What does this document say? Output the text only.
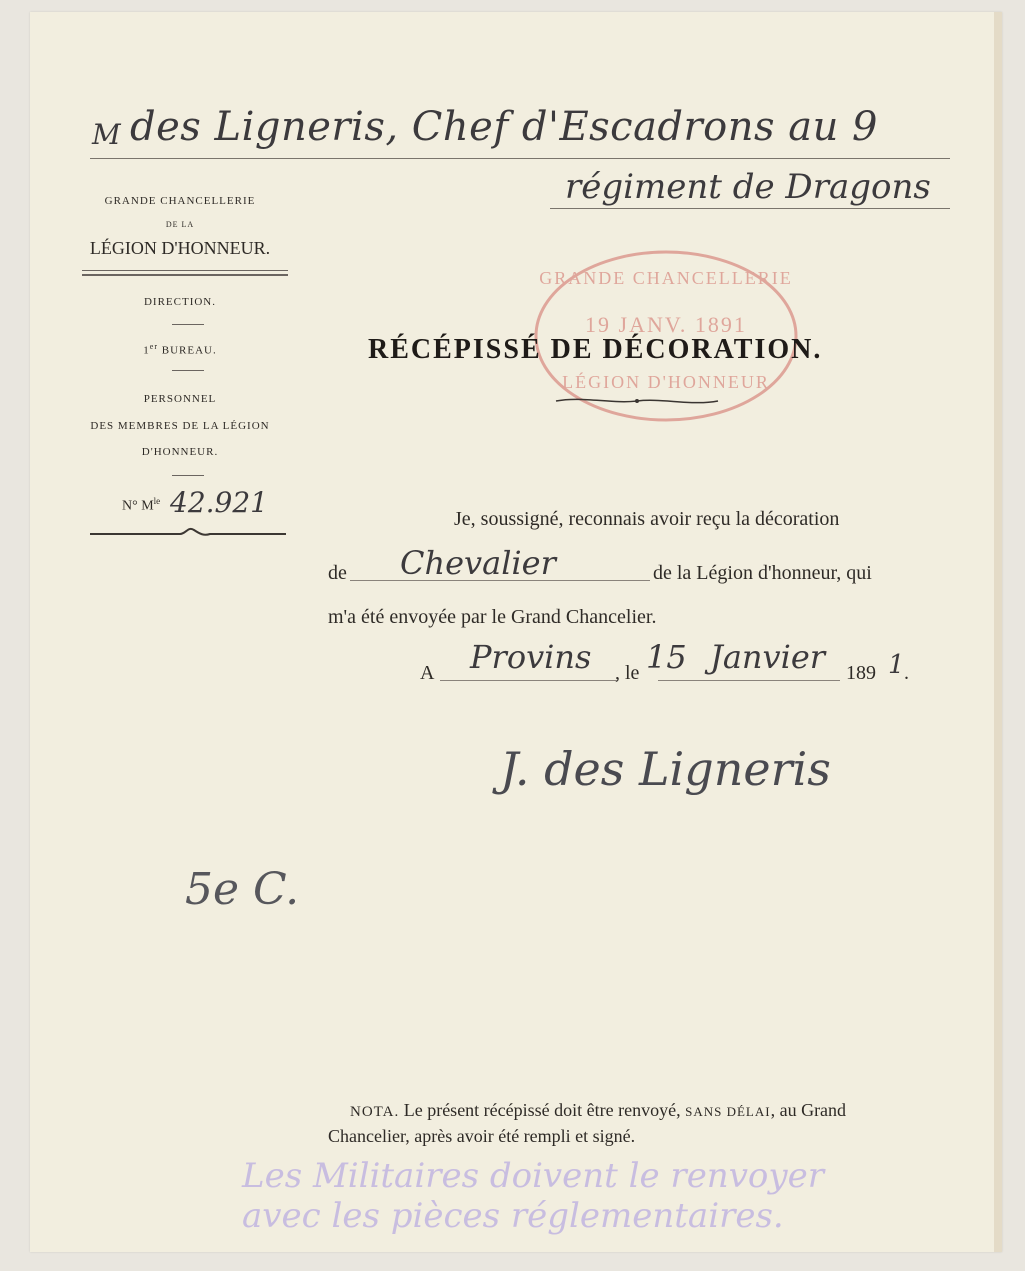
M des Ligneris, Chef d'Escadrons au 9
régiment de Dragons
GRANDE CHANCELLERIE
DE LA
LÉGION D'HONNEUR.
DIRECTION.
1er BUREAU.
PERSONNEL
DES MEMBRES DE LA LÉGION
D'HONNEUR.
N° $M^{le}$ 42.921
GRANDE CHANCELLERIE
19 JANV. 1891
LÉGION D'HONNEUR
RÉCÉPISSÉ DE DÉCORATION.
Je, soussigné, reconnais avoir reçu la décoration
de Chevalier	de la Légion d'honneur, qui
m'a été envoyée par le Grand Chancelier.
A Provins , le 15 Janvier 189 1 .
J. des Ligneris
5e C.
NOTA. Le présent récépissé doit être renvoyé, SANS DÉLAI, au Grand
Chancelier, après avoir été rempli et signé.
Les Militaires doivent le renvoyer
avec les pièces réglementaires.
